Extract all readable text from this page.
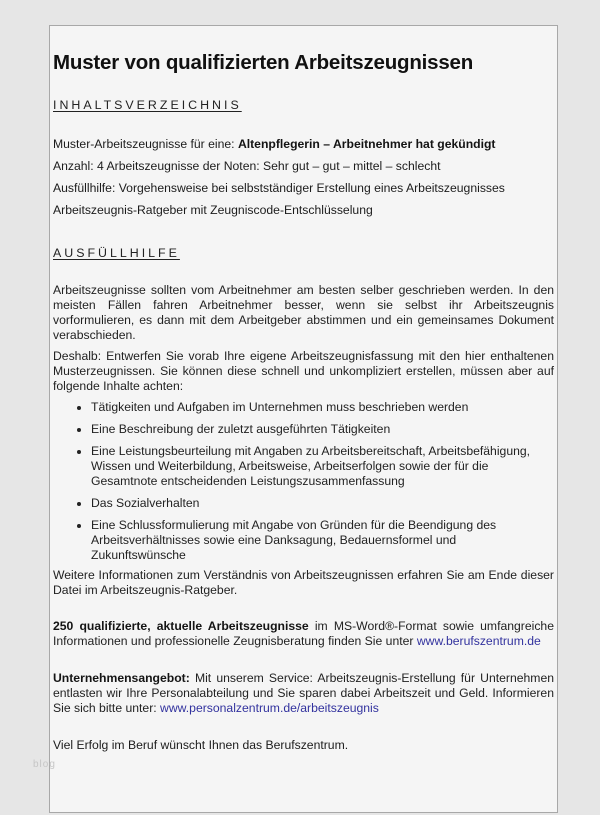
blog
Muster von qualifizierten Arbeitszeugnissen
INHALTSVERZEICHNIS
Muster-Arbeitszeugnisse für eine: Altenpflegerin – Arbeitnehmer hat gekündigt
Anzahl: 4 Arbeitszeugnisse der Noten: Sehr gut – gut – mittel – schlecht
Ausfüllhilfe: Vorgehensweise bei selbstständiger Erstellung eines Arbeitszeugnisses
Arbeitszeugnis-Ratgeber mit Zeugniscode-Entschlüsselung
AUSFÜLLHILFE

Arbeitszeugnisse sollten vom Arbeitnehmer am besten selber geschrieben werden. In den meisten Fällen fahren Arbeitnehmer besser, wenn sie selbst ihr Arbeitszeugnis vorformulieren, es dann mit dem Arbeitgeber abstimmen und ein gemeinsames Dokument verabschieden.

Deshalb: Entwerfen Sie vorab Ihre eigene Arbeitszeugnisfassung mit den hier enthaltenen Musterzeugnissen. Sie können diese schnell und unkompliziert erstellen, müssen aber auf folgende Inhalte achten:

• Tätigkeiten und Aufgaben im Unternehmen muss beschrieben werden
• Eine Beschreibung der zuletzt ausgeführten Tätigkeiten
• Eine Leistungsbeurteilung mit Angaben zu Arbeitsbereitschaft, Arbeitsbefähigung, Wissen und Weiterbildung, Arbeitsweise, Arbeitserfolgen sowie der für die Gesamtnote entscheidenden Leistungszusammenfassung
• Das Sozialverhalten
• Eine Schlussformulierung mit Angabe von Gründen für die Beendigung des Arbeitsverhältnisses sowie eine Danksagung, Bedauernsformel und Zukunftswünsche

Weitere Informationen zum Verständnis von Arbeitszeugnissen erfahren Sie am Ende dieser Datei im Arbeitszeugnis-Ratgeber.

250 qualifizierte, aktuelle Arbeitszeugnisse im MS-Word®-Format sowie umfangreiche Informationen und professionelle Zeugnisberatung finden Sie unter www.berufszentrum.de

Unternehmensangebot: Mit unserem Service: Arbeitszeugnis-Erstellung für Unternehmen entlasten wir Ihre Personalabteilung und Sie sparen dabei Arbeitszeit und Geld. Informieren Sie sich bitte unter: www.personalzentrum.de/arbeitszeugnis

Viel Erfolg im Beruf wünscht Ihnen das Berufszentrum.
